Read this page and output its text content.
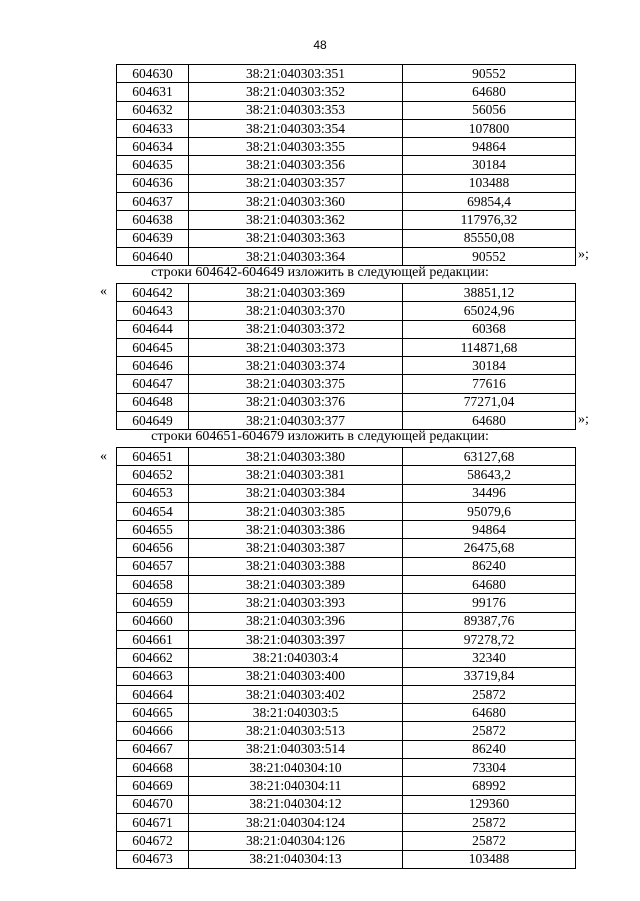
48
604630	38:21:040303:351	90552
604631	38:21:040303:352	64680
604632	38:21:040303:353	56056
604633	38:21:040303:354	107800
604634	38:21:040303:355	94864
604635	38:21:040303:356	30184
604636	38:21:040303:357	103488
604637	38:21:040303:360	69854,4
604638	38:21:040303:362	117976,32
604639	38:21:040303:363	85550,08
604640	38:21:040303:364	90552	»;
строки 604642-604649 изложить в следующей редакции:
« 604642	38:21:040303:369	38851,12
604643	38:21:040303:370	65024,96
604644	38:21:040303:372	60368
604645	38:21:040303:373	114871,68
604646	38:21:040303:374	30184
604647	38:21:040303:375	77616
604648	38:21:040303:376	77271,04
604649	38:21:040303:377	64680	»;
строки 604651-604679 изложить в следующей редакции:
« 604651	38:21:040303:380	63127,68
604652	38:21:040303:381	58643,2
604653	38:21:040303:384	34496
604654	38:21:040303:385	95079,6
604655	38:21:040303:386	94864
604656	38:21:040303:387	26475,68
604657	38:21:040303:388	86240
604658	38:21:040303:389	64680
604659	38:21:040303:393	99176
604660	38:21:040303:396	89387,76
604661	38:21:040303:397	97278,72
604662	38:21:040303:4	32340
604663	38:21:040303:400	33719,84
604664	38:21:040303:402	25872
604665	38:21:040303:5	64680
604666	38:21:040303:513	25872
604667	38:21:040303:514	86240
604668	38:21:040304:10	73304
604669	38:21:040304:11	68992
604670	38:21:040304:12	129360
604671	38:21:040304:124	25872
604672	38:21:040304:126	25872
604673	38:21:040304:13	103488
